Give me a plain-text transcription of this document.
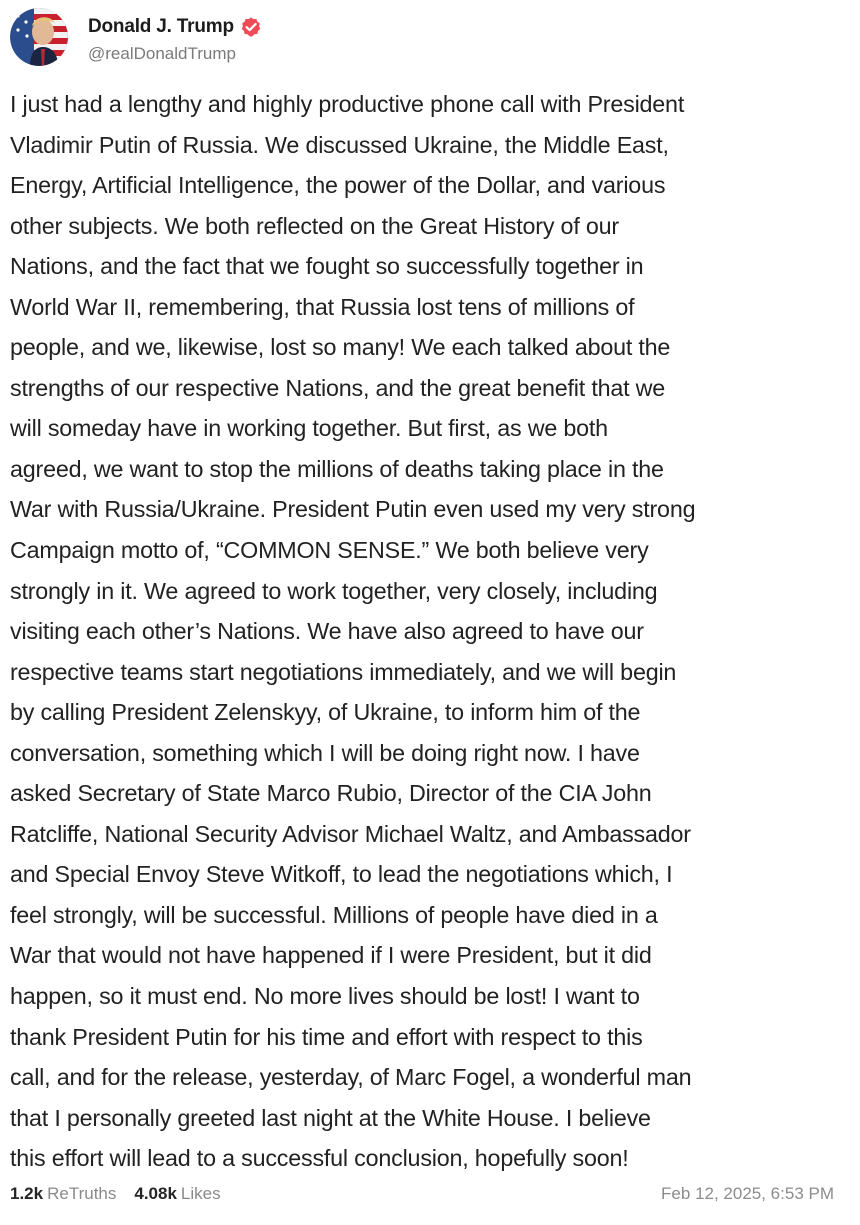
Donald J. Trump
@realDonaldTrump

I just had a lengthy and highly productive phone call with President

Vladimir Putin of Russia. We discussed Ukraine, the Middle East,

Energy, Artificial Intelligence, the power of the Dollar, and various

other subjects. We both reflected on the Great History of our

Nations, and the fact that we fought so successfully together in

World War II, remembering, that Russia lost tens of millions of

people, and we, likewise, lost so many! We each talked about the

strengths of our respective Nations, and the great benefit that we

will someday have in working together. But first, as we both

agreed, we want to stop the millions of deaths taking place in the

War with Russia/Ukraine. President Putin even used my very strong

Campaign motto of, “COMMON SENSE.” We both believe very

strongly in it. We agreed to work together, very closely, including

visiting each other’s Nations. We have also agreed to have our

respective teams start negotiations immediately, and we will begin

by calling President Zelenskyy, of Ukraine, to inform him of the

conversation, something which I will be doing right now. I have

asked Secretary of State Marco Rubio, Director of the CIA John

Ratcliffe, National Security Advisor Michael Waltz, and Ambassador

and Special Envoy Steve Witkoff, to lead the negotiations which, I

feel strongly, will be successful. Millions of people have died in a

War that would not have happened if I were President, but it did

happen, so it must end. No more lives should be lost! I want to

thank President Putin for his time and effort with respect to this

call, and for the release, yesterday, of Marc Fogel, a wonderful man

that I personally greeted last night at the White House. I believe

this effort will lead to a successful conclusion, hopefully soon!

1.2k ReTruths 4.08k Likes	Feb 12, 2025, 6:53 PM
